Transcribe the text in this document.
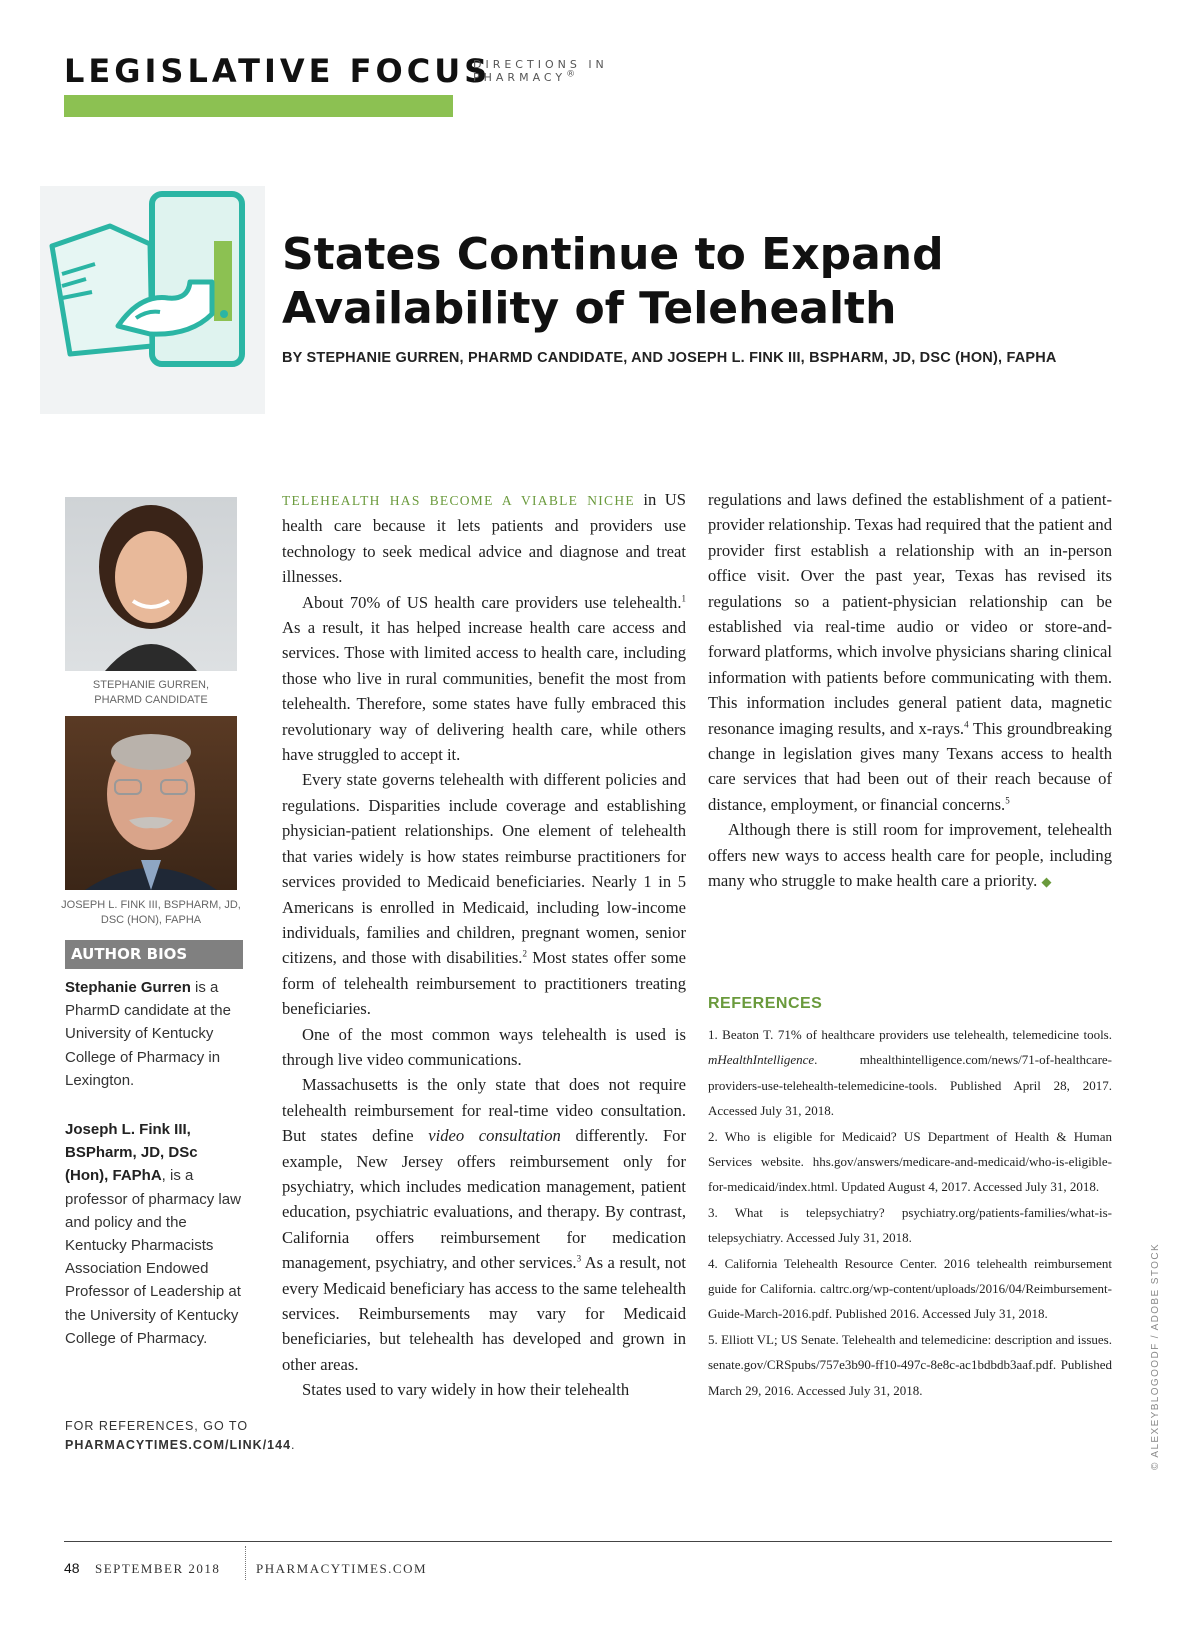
LEGISLATIVE FOCUS
DIRECTIONS IN
PHARMACY®
States Continue to Expand
Availability of Telehealth
BY STEPHANIE GURREN, PHARMD CANDIDATE, AND JOSEPH L. FINK III, BSPHARM, JD, DSC (HON), FAPHA
STEPHANIE GURREN,
PHARMD CANDIDATE
JOSEPH L. FINK III, BSPHARM, JD,
DSC (HON), FAPHA
AUTHOR BIOS
Stephanie Gurren is a PharmD candidate at the University of Kentucky College of Pharmacy in Lexington.
Joseph L. Fink III, BSPharm, JD, DSc (Hon), FAPhA, is a professor of pharmacy law and policy and the Kentucky Pharmacists Association Endowed Professor of Leadership at the University of Kentucky College of Pharmacy.
FOR REFERENCES, GO TO
PHARMACYTIMES.COM/LINK/144.

TELEHEALTH HAS BECOME A VIABLE NICHE in US health care because it lets patients and providers use technology to seek medical advice and diagnose and treat illnesses.

About 70% of US health care providers use telehealth.$^1$ As a result, it has helped increase health care access and services. Those with limited access to health care, including those who live in rural communities, benefit the most from telehealth. Therefore, some states have fully embraced this revolutionary way of delivering health care, while others have struggled to accept it.

Every state governs telehealth with different policies and regulations. Disparities include coverage and establishing physician-patient relationships. One element of telehealth that varies widely is how states reimburse practitioners for services provided to Medicaid beneficiaries. Nearly 1 in 5 Americans is enrolled in Medicaid, including low-income individuals, families and children, pregnant women, senior citizens, and those with disabilities.$^2$ Most states offer some form of telehealth reimbursement to practitioners treating beneficiaries.

One of the most common ways telehealth is used is through live video communications.

Massachusetts is the only state that does not require telehealth reimbursement for real-time video consultation. But states define video consultation differently. For example, New Jersey offers reimbursement only for psychiatry, which includes medication management, patient education, psychiatric evaluations, and therapy. By contrast, California offers reimbursement for medication management, psychiatry, and other services.$^3$ As a result, not every Medicaid beneficiary has access to the same telehealth services. Reimbursements may vary for Medicaid beneficiaries, but telehealth has developed and grown in other areas.

States used to vary widely in how their telehealth

regulations and laws defined the establishment of a patient-provider relationship. Texas had required that the patient and provider first establish a relationship with an in-person office visit. Over the past year, Texas has revised its regulations so a patient-physician relationship can be established via real-time audio or video or store-and-forward platforms, which involve physicians sharing clinical information with patients before communicating with them. This information includes general patient data, magnetic resonance imaging results, and x-rays.$^4$ This groundbreaking change in legislation gives many Texans access to health care services that had been out of their reach because of distance, employment, or financial concerns.$^5$

Although there is still room for improvement, telehealth offers new ways to access health care for people, including many who struggle to make health care a priority. ◆

REFERENCES

1. Beaton T. 71% of healthcare providers use telehealth, telemedicine tools. mHealthIntelligence. mhealthintelligence.com/news/71-of-healthcare-providers-use-telehealth-telemedicine-tools. Published April 28, 2017. Accessed July 31, 2018.

2. Who is eligible for Medicaid? US Department of Health & Human Services website. hhs.gov/answers/medicare-and-medicaid/who-is-eligible-for-medicaid/index.html. Updated August 4, 2017. Accessed July 31, 2018.

3. What is telepsychiatry? psychiatry.org/patients-families/what-is-telepsychiatry. Accessed July 31, 2018.

4. California Telehealth Resource Center. 2016 telehealth reimbursement guide for California. caltrc.org/wp-content/uploads/2016/04/Reimbursement-Guide-March-2016.pdf. Published 2016. Accessed July 31, 2018.

5. Elliott VL; US Senate. Telehealth and telemedicine: description and issues. senate.gov/CRSpubs/757e3b90-ff10-497c-8e8c-ac1bdbdb3aaf.pdf. Published March 29, 2016. Accessed July 31, 2018.	© ALEXEYBLOGOODF / ADOBE STOCK
48 SEPTEMBER 2018	PHARMACYTIMES.COM
